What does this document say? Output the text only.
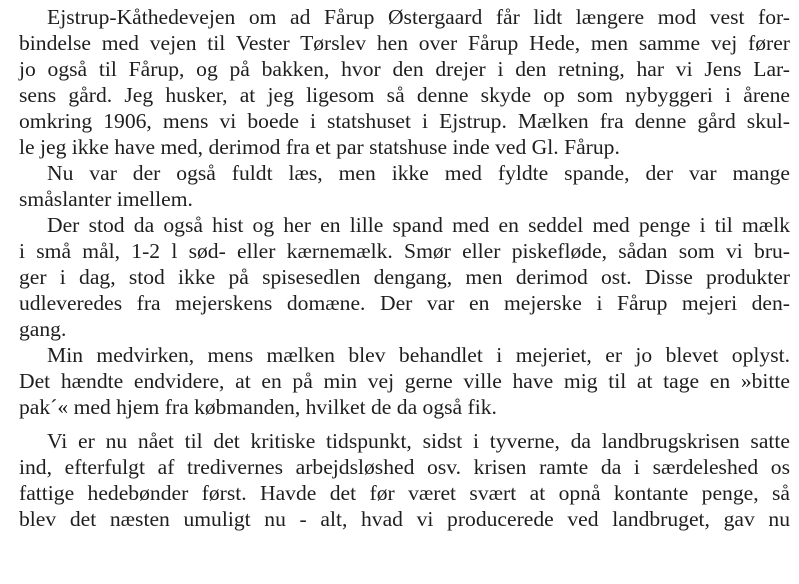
Ejstrup-Kåthedevejen om ad Fårup Østergaard får lidt længere mod vest for-
bindelse med vejen til Vester Tørslev hen over Fårup Hede, men samme vej fører
jo også til Fårup, og på bakken, hvor den drejer i den retning, har vi Jens Lar-
sens gård. Jeg husker, at jeg ligesom så denne skyde op som nybyggeri i årene
omkring 1906, mens vi boede i statshuset i Ejstrup. Mælken fra denne gård skul-
le jeg ikke have med, derimod fra et par statshuse inde ved Gl. Fårup.
Nu var der også fuldt læs, men ikke med fyldte spande, der var mange
småslanter imellem.
Der stod da også hist og her en lille spand med en seddel med penge i til mælk
i små mål, 1-2 l sød- eller kærnemælk. Smør eller piskefløde, sådan som vi bru-
ger i dag, stod ikke på spisesedlen dengang, men derimod ost. Disse produkter
udleveredes fra mejerskens domæne. Der var en mejerske i Fårup mejeri den-
gang.
Min medvirken, mens mælken blev behandlet i mejeriet, er jo blevet oplyst.
Det hændte endvidere, at en på min vej gerne ville have mig til at tage en »bitte
pak´« med hjem fra købmanden, hvilket de da også fik.
Vi er nu nået til det kritiske tidspunkt, sidst i tyverne, da landbrugskrisen satte
ind, efterfulgt af tredivernes arbejdsløshed osv. krisen ramte da i særdeleshed os
fattige hedebønder først. Havde det før været svært at opnå kontante penge, så
blev det næsten umuligt nu - alt, hvad vi producerede ved landbruget, gav nu
